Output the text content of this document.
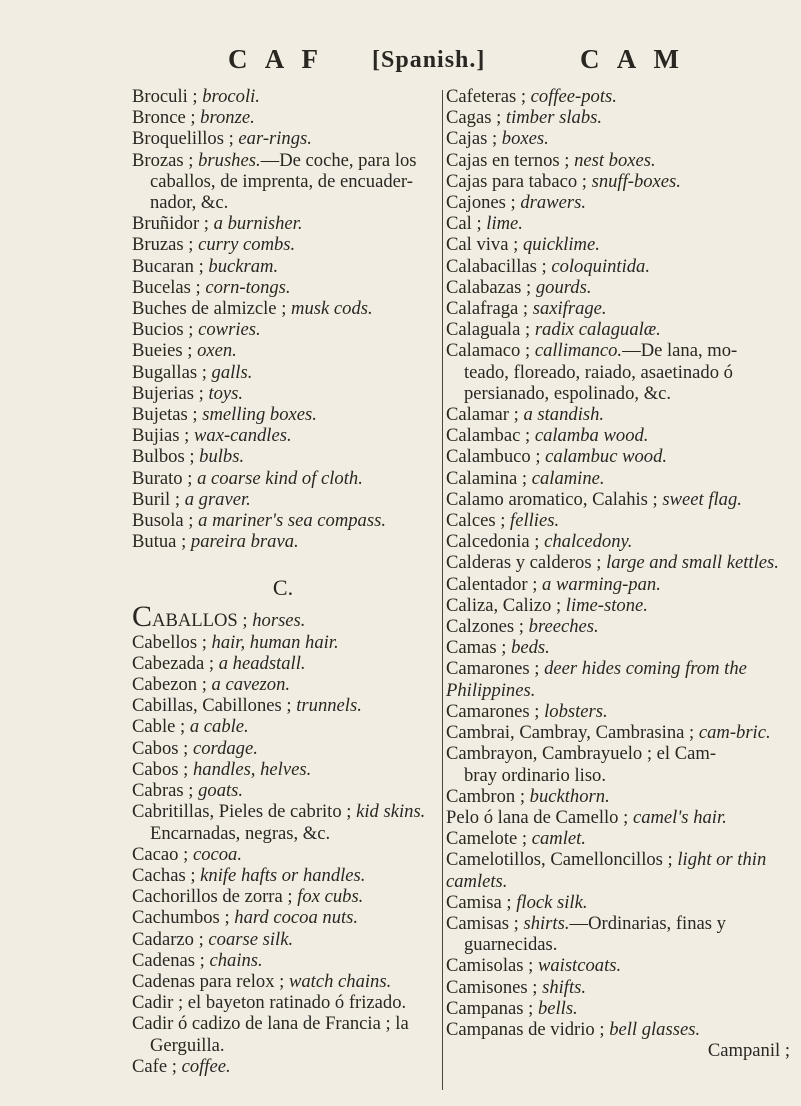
C A F [Spanish.]	C A M
Broculi ; brocoli.
Bronce ; bronze.
Broquelillos ; ear-rings.
Brozas ; brushes.—De coche, para los
caballos, de imprenta, de encuader-nador, &c.
Bruñidor ; a burnisher.
Bruzas ; curry combs.
Bucaran ; buckram.
Bucelas ; corn-tongs.
Buches de almizcle ; musk cods.
Bucios ; cowries.
Bueies ; oxen.
Bugallas ; galls.
Bujerias ; toys.
Bujetas ; smelling boxes.
Bujias ; wax-candles.
Bulbos ; bulbs.
Burato ; a coarse kind of cloth.
Buril ; a graver.
Busola ; a mariner's sea compass.
Butua ; pareira brava.
C.
CABALLOS ; horses.
Cabellos ; hair, human hair.
Cabezada ; a headstall.
Cabezon ; a cavezon.
Cabillas, Cabillones ; trunnels.
Cable ; a cable.
Cabos ; cordage.
Cabos ; handles, helves.
Cabras ; goats.
Cabritillas, Pieles de cabrito ; kid skins.
Encarnadas, negras, &c.
Cacao ; cocoa.
Cachas ; knife hafts or handles.
Cachorillos de zorra ; fox cubs.
Cachumbos ; hard cocoa nuts.
Cadarzo ; coarse silk.
Cadenas ; chains.
Cadenas para relox ; watch chains.
Cadir ; el bayeton ratinado ó frizado.
Cadir ó cadizo de lana de Francia ; la
Gerguilla.
Cafe ; coffee.
Cafeteras ; coffee-pots.
Cagas ; timber slabs.
Cajas ; boxes.
Cajas en ternos ; nest boxes.
Cajas para tabaco ; snuff-boxes.
Cajones ; drawers.
Cal ; lime.
Cal viva ; quicklime.
Calabacillas ; coloquintida.
Calabazas ; gourds.
Calafraga ; saxifrage.
Calaguala ; radix calagualæ.
Calamaco ; callimanco.—De lana, mo-
teado, floreado, raiado, asaetinado ó persianado, espolinado, &c.
Calamar ; a standish.
Calambac ; calamba wood.
Calambuco ; calambuc wood.
Calamina ; calamine.
Calamo aromatico, Calahis ; sweet flag.
Calces ; fellies.
Calcedonia ; chalcedony.
Calderas y calderos ; large and small kettles.
Calentador ; a warming-pan.
Caliza, Calizo ; lime-stone.
Calzones ; breeches.
Camas ; beds.
Camarones ; deer hides coming from the Philippines.
Camarones ; lobsters.
Cambrai, Cambray, Cambrasina ; cam-bric.
Cambrayon, Cambrayuelo ; el Cam-
bray ordinario liso.
Cambron ; buckthorn.
Pelo ó lana de Camello ; camel's hair.
Camelote ; camlet.
Camelotillos, Camelloncillos ; light or thin camlets.
Camisa ; flock silk.
Camisas ; shirts.—Ordinarias, finas y
guarnecidas.
Camisolas ; waistcoats.
Camisones ; shifts.
Campanas ; bells.
Campanas de vidrio ; bell glasses.
Campanil ;
